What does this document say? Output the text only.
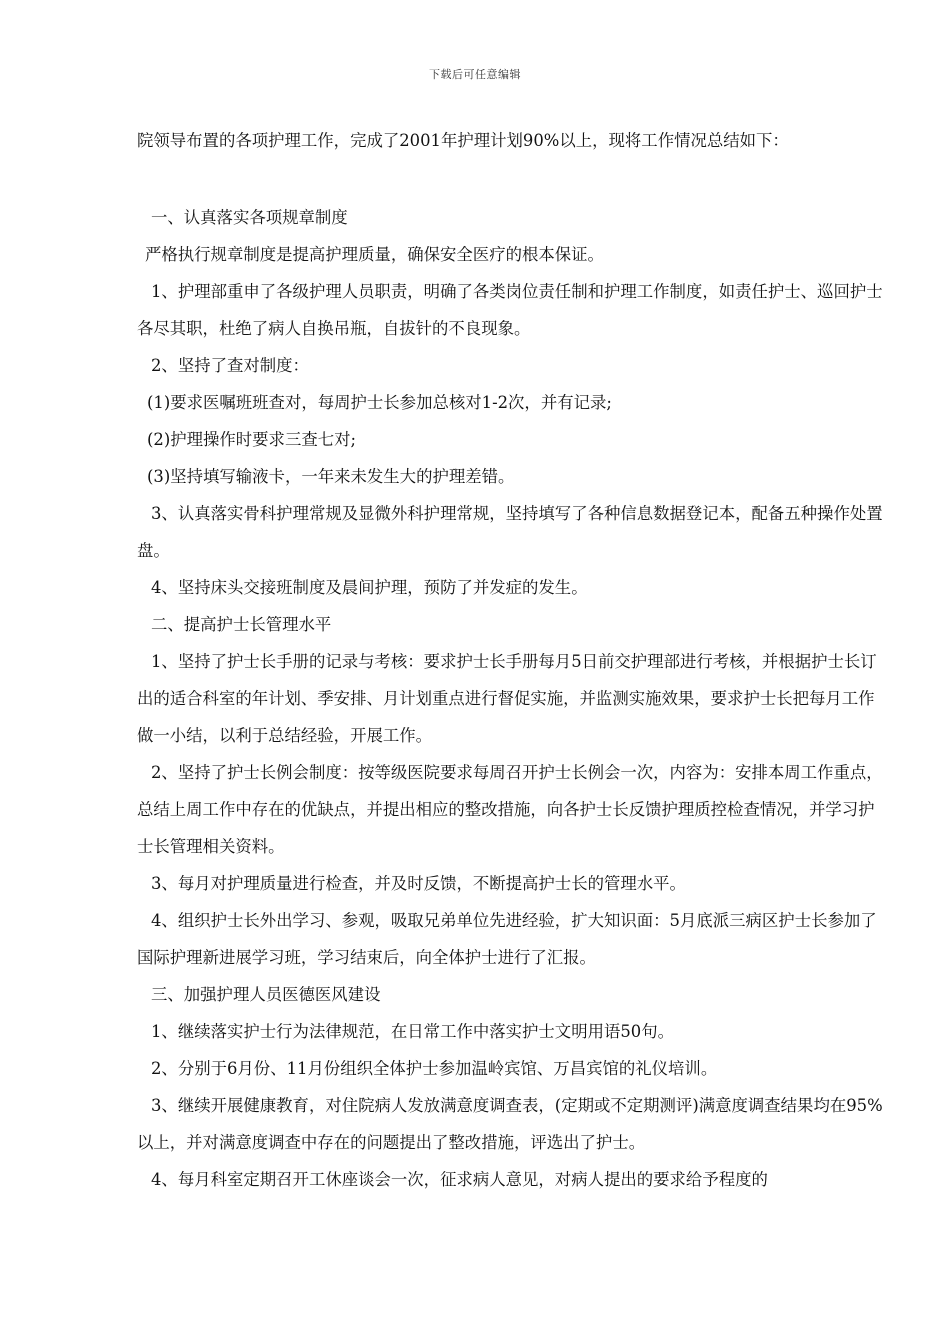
下载后可任意编辑

院领导布置的各项护理工作，完成了2001年护理计划90%以上，现将工作情况总结如下：

一、认真落实各项规章制度

严格执行规章制度是提高护理质量，确保安全医疗的根本保证。

1、护理部重申了各级护理人员职责，明确了各类岗位责任制和护理工作制度，如责任护士、巡回护士各尽其职，杜绝了病人自换吊瓶，自拔针的不良现象。

2、坚持了查对制度：

(1)要求医嘱班班查对，每周护士长参加总核对1-2次，并有记录;

(2)护理操作时要求三查七对;

(3)坚持填写输液卡，一年来未发生大的护理差错。

3、认真落实骨科护理常规及显微外科护理常规，坚持填写了各种信息数据登记本，配备五种操作处置盘。

4、坚持床头交接班制度及晨间护理，预防了并发症的发生。

二、提高护士长管理水平

1、坚持了护士长手册的记录与考核：要求护士长手册每月5日前交护理部进行考核，并根据护士长订出的适合科室的年计划、季安排、月计划重点进行督促实施，并监测实施效果，要求护士长把每月工作做一小结，以利于总结经验，开展工作。

2、坚持了护士长例会制度：按等级医院要求每周召开护士长例会一次，内容为：安排本周工作重点，总结上周工作中存在的优缺点，并提出相应的整改措施，向各护士长反馈护理质控检查情况，并学习护士长管理相关资料。

3、每月对护理质量进行检查，并及时反馈，不断提高护士长的管理水平。

4、组织护士长外出学习、参观，吸取兄弟单位先进经验，扩大知识面：5月底派三病区护士长参加了国际护理新进展学习班，学习结束后，向全体护士进行了汇报。

三、加强护理人员医德医风建设

1、继续落实护士行为法律规范，在日常工作中落实护士文明用语50句。

2、分别于6月份、11月份组织全体护士参加温岭宾馆、万昌宾馆的礼仪培训。

3、继续开展健康教育，对住院病人发放满意度调查表，(定期或不定期测评)满意度调查结果均在95%以上，并对满意度调查中存在的问题提出了整改措施，评选出了护士。

4、每月科室定期召开工休座谈会一次，征求病人意见，对病人提出的要求给予程度的
